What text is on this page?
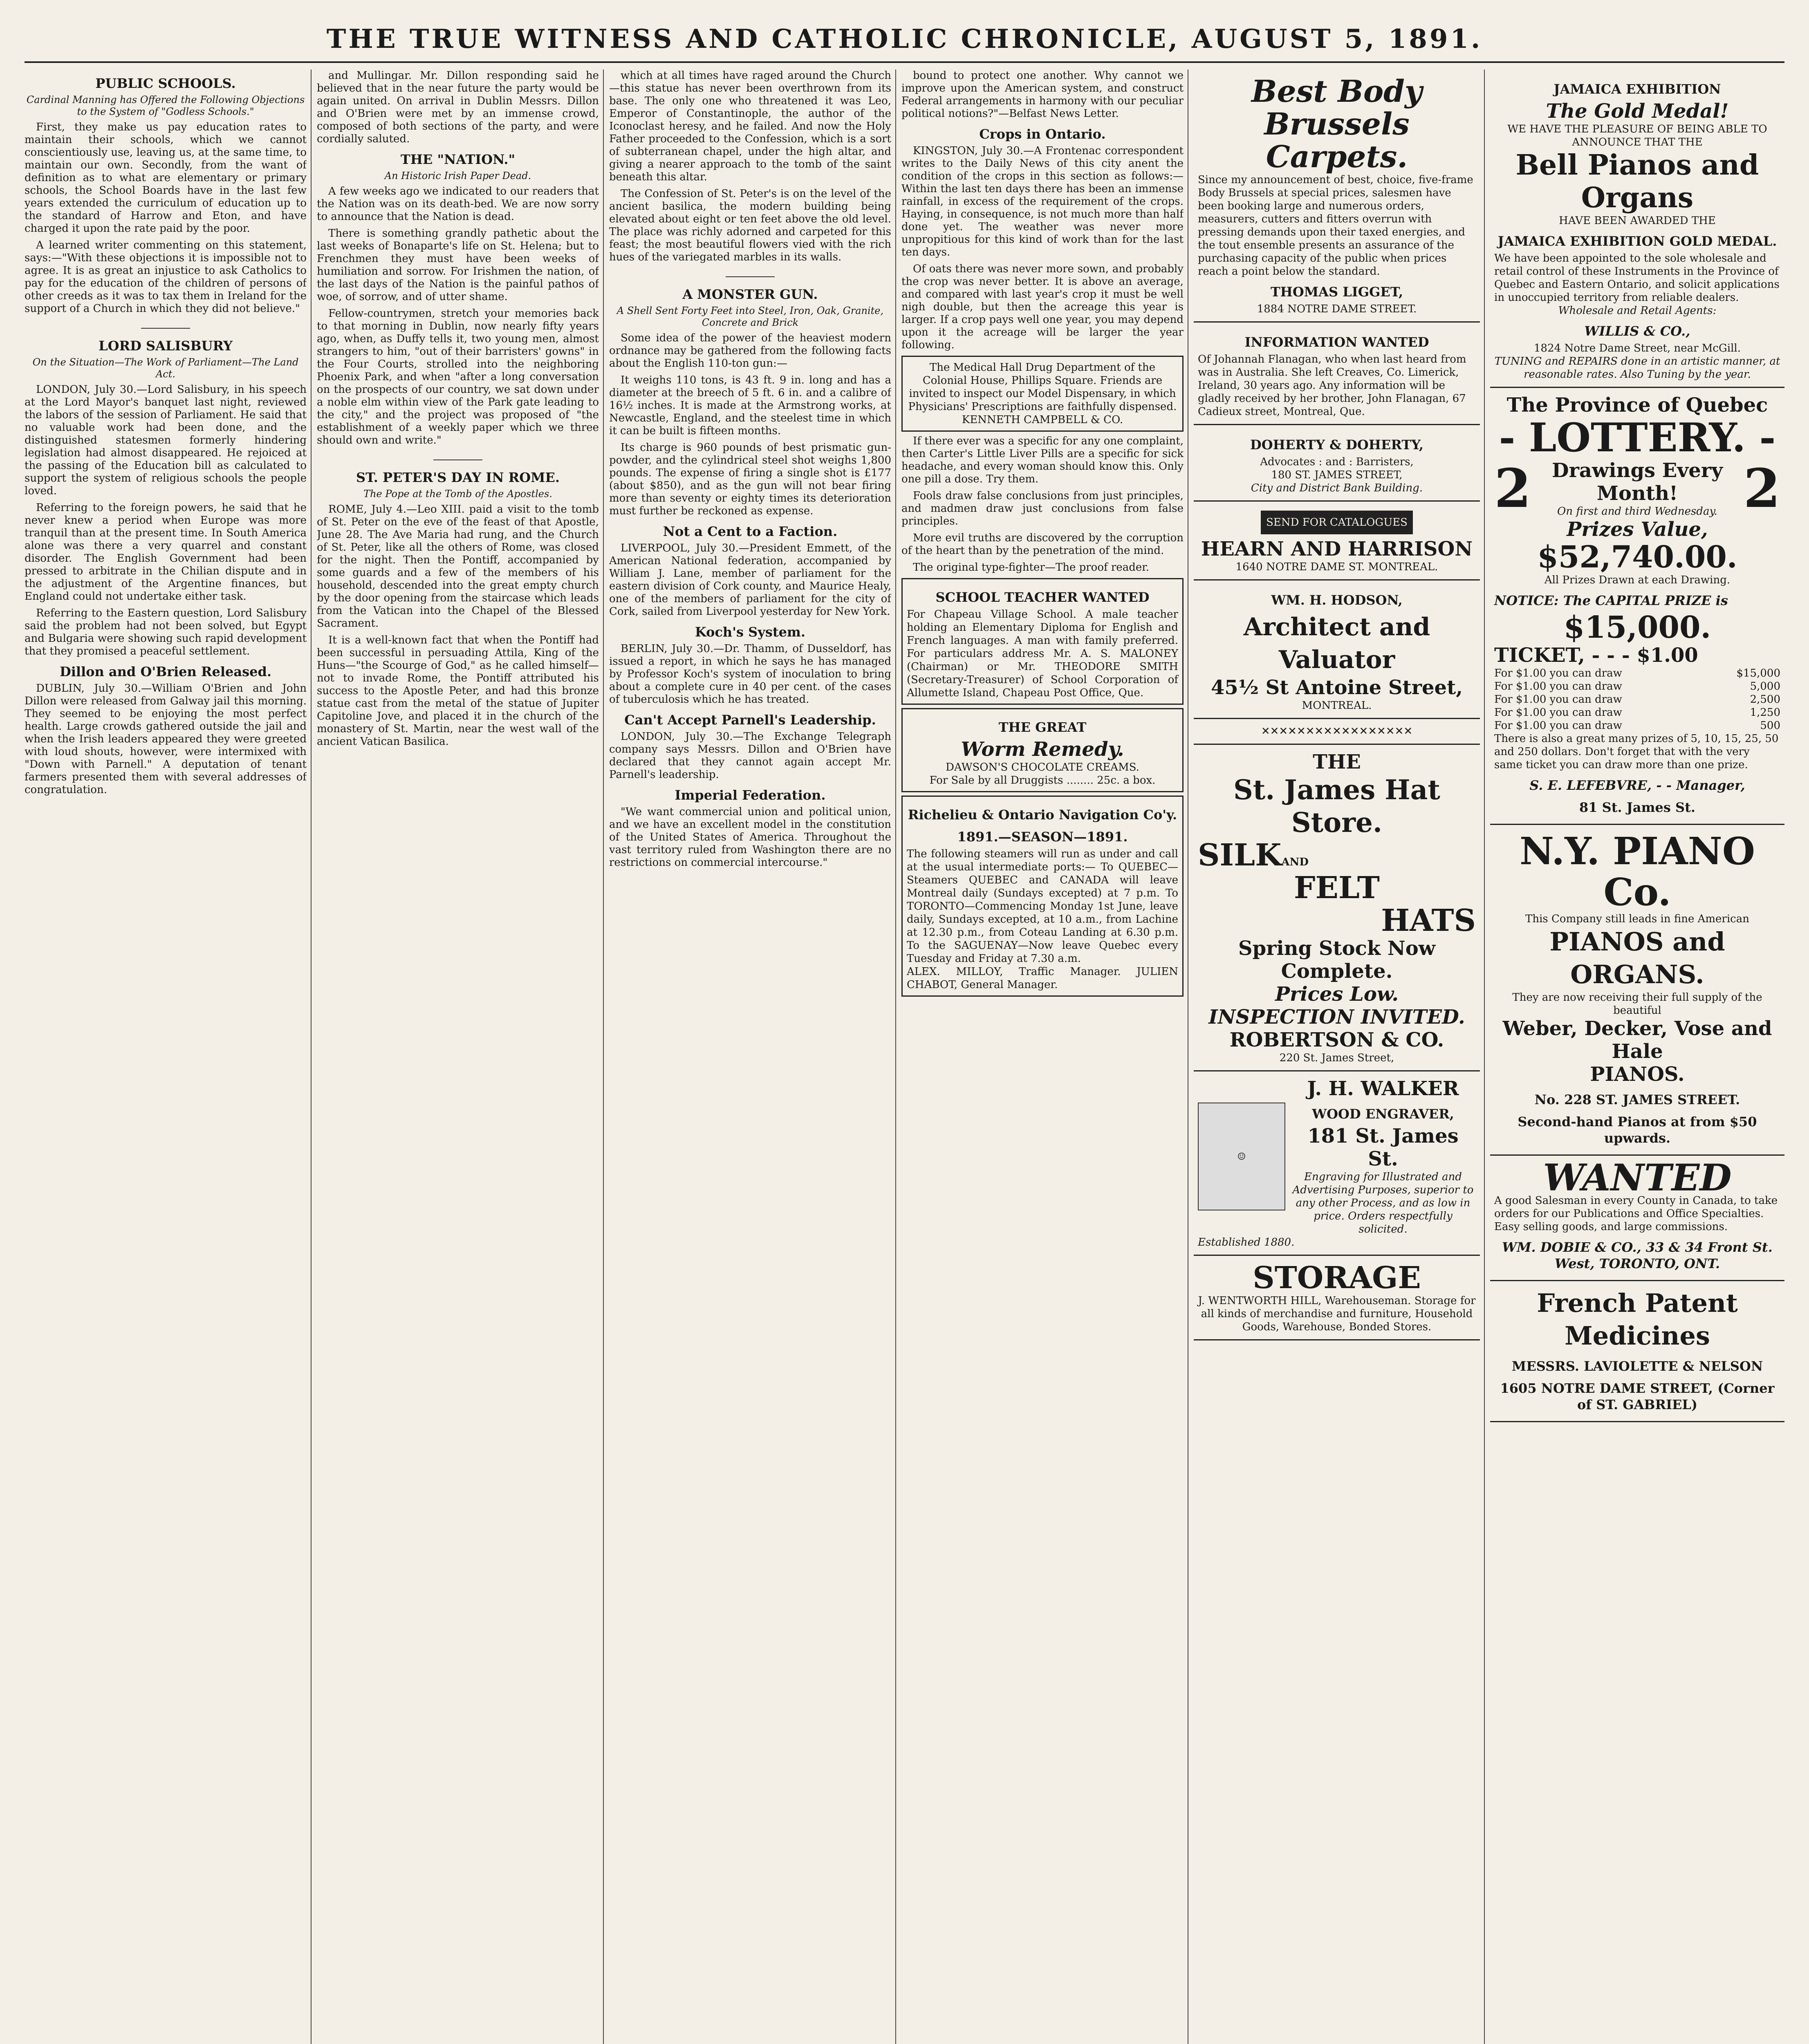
THE TRUE WITNESS AND CATHOLIC CHRONICLE, AUGUST 5, 1891.
PUBLIC SCHOOLS.
Cardinal Manning has Offered the Following Objections to the System of "Godless Schools."

First, they make us pay education rates to maintain their schools, which we cannot conscientiously use, leaving us, at the same time, to maintain our own. Secondly, from the want of definition as to what are elementary or primary schools, the School Boards have in the last few years extended the curriculum of education up to the standard of Harrow and Eton, and have charged it upon the rate paid by the poor.

A learned writer commenting on this statement, says:—"With these objections it is impossible not to agree. It is as great an injustice to ask Catholics to pay for the education of the children of persons of other creeds as it was to tax them in Ireland for the support of a Church in which they did not believe."

LORD SALISBURY
On the Situation—The Work of Parliament—The Land Act.

LONDON, July 30.—Lord Salisbury, in his speech at the Lord Mayor's banquet last night, reviewed the labors of the session of Parliament. He said that no valuable work had been done, and the distinguished statesmen formerly hindering legislation had almost disappeared. He rejoiced at the passing of the Education bill as calculated to support the system of religious schools the people loved.

Referring to the foreign powers, he said that he never knew a period when Europe was more tranquil than at the present time. In South America alone was there a very quarrel and constant disorder. The English Government had been pressed to arbitrate in the Chilian dispute and in the adjustment of the Argentine finances, but England could not undertake either task.

Referring to the Eastern question, Lord Salisbury said the problem had not been solved, but Egypt and Bulgaria were showing such rapid development that they promised a peaceful settlement.

Dillon and O'Brien Released.

DUBLIN, July 30.—William O'Brien and John Dillon were released from Galway jail this morning. They seemed to be enjoying the most perfect health. Large crowds gathered outside the jail and when the Irish leaders appeared they were greeted with loud shouts, however, were intermixed with "Down with Parnell." A deputation of tenant farmers presented them with several addresses of congratulation.

and Mullingar. Mr. Dillon responding said he believed that in the near future the party would be again united. On arrival in Dublin Messrs. Dillon and O'Brien were met by an immense crowd, composed of both sections of the party, and were cordially saluted.

THE "NATION."
An Historic Irish Paper Dead.

A few weeks ago we indicated to our readers that the Nation was on its death-bed. We are now sorry to announce that the Nation is dead.

There is something grandly pathetic about the last weeks of Bonaparte's life on St. Helena; but to Frenchmen they must have been weeks of humiliation and sorrow. For Irishmen the nation, of the last days of the Nation is the painful pathos of woe, of sorrow, and of utter shame.

Fellow-countrymen, stretch your memories back to that morning in Dublin, now nearly fifty years ago, when, as Duffy tells it, two young men, almost strangers to him, "out of their barristers' gowns" in the Four Courts, strolled into the neighboring Phoenix Park, and when "after a long conversation on the prospects of our country, we sat down under a noble elm within view of the Park gate leading to the city," and the project was proposed of "the establishment of a weekly paper which we three should own and write."

ST. PETER'S DAY IN ROME.
The Pope at the Tomb of the Apostles.

ROME, July 4.—Leo XIII. paid a visit to the tomb of St. Peter on the eve of the feast of that Apostle, June 28. The Ave Maria had rung, and the Church of St. Peter, like all the others of Rome, was closed for the night. Then the Pontiff, accompanied by some guards and a few of the members of his household, descended into the great empty church by the door opening from the staircase which leads from the Vatican into the Chapel of the Blessed Sacrament.

It is a well-known fact that when the Pontiff had been successful in persuading Attila, King of the Huns—"the Scourge of God," as he called himself—not to invade Rome, the Pontiff attributed his success to the Apostle Peter, and had this bronze statue cast from the metal of the statue of Jupiter Capitoline Jove, and placed it in the church of the monastery of St. Martin, near the west wall of the ancient Vatican Basilica.

which at all times have raged around the Church—this statue has never been overthrown from its base. The only one who threatened it was Leo, Emperor of Constantinople, the author of the Iconoclast heresy, and he failed. And now the Holy Father proceeded to the Confession, which is a sort of subterranean chapel, under the high altar, and giving a nearer approach to the tomb of the saint beneath this altar.

The Confession of St. Peter's is on the level of the ancient basilica, the modern building being elevated about eight or ten feet above the old level. The place was richly adorned and carpeted for this feast; the most beautiful flowers vied with the rich hues of the variegated marbles in its walls.

A MONSTER GUN.
A Shell Sent Forty Feet into Steel, Iron, Oak, Granite, Concrete and Brick

Some idea of the power of the heaviest modern ordnance may be gathered from the following facts about the English 110-ton gun:—

It weighs 110 tons, is 43 ft. 9 in. long and has a diameter at the breech of 5 ft. 6 in. and a calibre of 16½ inches. It is made at the Armstrong works, at Newcastle, England, and the steelest time in which it can be built is fifteen months.

Its charge is 960 pounds of best prismatic gun-powder, and the cylindrical steel shot weighs 1,800 pounds. The expense of firing a single shot is £177 (about $850), and as the gun will not bear firing more than seventy or eighty times its deterioration must further be reckoned as expense.

Not a Cent to a Faction.

LIVERPOOL, July 30.—President Emmett, of the American National federation, accompanied by William J. Lane, member of parliament for the eastern division of Cork county, and Maurice Healy, one of the members of parliament for the city of Cork, sailed from Liverpool yesterday for New York.

Koch's System.

BERLIN, July 30.—Dr. Thamm, of Dusseldorf, has issued a report, in which he says he has managed by Professor Koch's system of inoculation to bring about a complete cure in 40 per cent. of the cases of tuberculosis which he has treated.

Can't Accept Parnell's Leadership.

LONDON, July 30.—The Exchange Telegraph company says Messrs. Dillon and O'Brien have declared that they cannot again accept Mr. Parnell's leadership.

Imperial Federation.

"We want commercial union and political union, and we have an excellent model in the constitution of the United States of America. Throughout the vast territory ruled from Washington there are no restrictions on commercial intercourse."

bound to protect one another. Why cannot we improve upon the American system, and construct Federal arrangements in harmony with our peculiar political notions?"—Belfast News Letter.

Crops in Ontario.

KINGSTON, July 30.—A Frontenac correspondent writes to the Daily News of this city anent the condition of the crops in this section as follows:—Within the last ten days there has been an immense rainfall, in excess of the requirement of the crops. Haying, in consequence, is not much more than half done yet. The weather was never more unpropitious for this kind of work than for the last ten days.

Of oats there was never more sown, and probably the crop was never better. It is above an average, and compared with last year's crop it must be well nigh double, but then the acreage this year is larger. If a crop pays well one year, you may depend upon it the acreage will be larger the year following.

The Medical Hall Drug Department of the Colonial House, Phillips Square. Friends are invited to inspect our Model Dispensary, in which Physicians' Prescriptions are faithfully dispensed.
KENNETH CAMPBELL & CO.

If there ever was a specific for any one complaint, then Carter's Little Liver Pills are a specific for sick headache, and every woman should know this. Only one pill a dose. Try them.

Fools draw false conclusions from just principles, and madmen draw just conclusions from false principles.

More evil truths are discovered by the corruption of the heart than by the penetration of the mind.

The original type-fighter—The proof reader.

SCHOOL TEACHER WANTED
For Chapeau Village School. A male teacher holding an Elementary Diploma for English and French languages. A man with family preferred. For particulars address Mr. A. S. MALONEY (Chairman) or Mr. THEODORE SMITH (Secretary-Treasurer) of School Corporation of Allumette Island, Chapeau Post Office, Que.
THE GREAT
Worm Remedy.
DAWSON'S CHOCOLATE CREAMS.
For Sale by all Druggists ........ 25c. a box.
Richelieu & Ontario Navigation Co'y.
1891.—SEASON—1891.
The following steamers will run as under and call at the usual intermediate ports:— To QUEBEC—Steamers QUEBEC and CANADA will leave Montreal daily (Sundays excepted) at 7 p.m. To TORONTO—Commencing Monday 1st June, leave daily, Sundays excepted, at 10 a.m., from Lachine at 12.30 p.m., from Coteau Landing at 6.30 p.m. To the SAGUENAY—Now leave Quebec every Tuesday and Friday at 7.30 a.m.
ALEX. MILLOY, Traffic Manager. JULIEN CHABOT, General Manager.
Best Body
Brussels
Carpets.
Since my announcement of best, choice, five-frame Body Brussels at special prices, salesmen have been booking large and numerous orders, measurers, cutters and fitters overrun with pressing demands upon their taxed energies, and the tout ensemble presents an assurance of the purchasing capacity of the public when prices reach a point below the standard.
THOMAS LIGGET,
1884 NOTRE DAME STREET.
INFORMATION WANTED
Of Johannah Flanagan, who when last heard from was in Australia. She left Creaves, Co. Limerick, Ireland, 30 years ago. Any information will be gladly received by her brother, John Flanagan, 67 Cadieux street, Montreal, Que.
DOHERTY & DOHERTY,
Advocates : and : Barristers,
180 ST. JAMES STREET,
City and District Bank Building.
SEND FOR CATALOGUES
HEARN AND HARRISON
1640 NOTRE DAME ST. MONTREAL.
WM. H. HODSON,
Architect and Valuator
45½ St Antoine Street,
MONTREAL.
✕✕✕✕✕✕✕✕✕✕✕✕✕✕✕✕✕
THE
St. James Hat Store.
SILKAND
FELT
HATS
Spring Stock Now Complete.
Prices Low.
INSPECTION INVITED.
ROBERTSON & CO.
220 St. James Street,
☺
J. H. WALKER
WOOD ENGRAVER,
181 St. James St.
Engraving for Illustrated and Advertising Purposes, superior to any other Process, and as low in price. Orders respectfully solicited.
Established 1880.
STORAGE
J. WENTWORTH HILL, Warehouseman. Storage for all kinds of merchandise and furniture, Household Goods, Warehouse, Bonded Stores.
JAMAICA EXHIBITION
The Gold Medal!
WE HAVE THE PLEASURE OF BEING ABLE TO ANNOUNCE THAT THE
Bell Pianos and Organs
HAVE BEEN AWARDED THE
JAMAICA EXHIBITION GOLD MEDAL.
We have been appointed to the sole wholesale and retail control of these Instruments in the Province of Quebec and Eastern Ontario, and solicit applications in unoccupied territory from reliable dealers.
Wholesale and Retail Agents:
WILLIS & CO.,
1824 Notre Dame Street, near McGill.
TUNING and REPAIRS done in an artistic manner, at reasonable rates. Also Tuning by the year.
The Province of Quebec
- LOTTERY. -
2	Drawings Every Month!
On first and third Wednesday. 2
Prizes Value,
$52,740.00.
All Prizes Drawn at each Drawing.
NOTICE: The CAPITAL PRIZE is
$15,000.
TICKET, - - - $1.00
For $1.00 you can draw	$15,000
For $1.00 you can draw	5,000
For $1.00 you can draw	2,500
For $1.00 you can draw	1,250
For $1.00 you can draw	500
There is also a great many prizes of 5, 10, 15, 25, 50 and 250 dollars. Don't forget that with the very same ticket you can draw more than one prize.
S. E. LEFEBVRE, - - Manager,
81 St. James St.
N.Y. PIANO Co.
This Company still leads in fine American
PIANOS and ORGANS.
They are now receiving their full supply of the beautiful
Weber, Decker, Vose and Hale
PIANOS.
No. 228 ST. JAMES STREET.
Second-hand Pianos at from $50 upwards.
WANTED
A good Salesman in every County in Canada, to take orders for our Publications and Office Specialties. Easy selling goods, and large commissions.
WM. DOBIE & CO., 33 & 34 Front St. West, TORONTO, ONT.
French Patent Medicines
MESSRS. LAVIOLETTE & NELSON
1605 NOTRE DAME STREET, (Corner of ST. GABRIEL)
